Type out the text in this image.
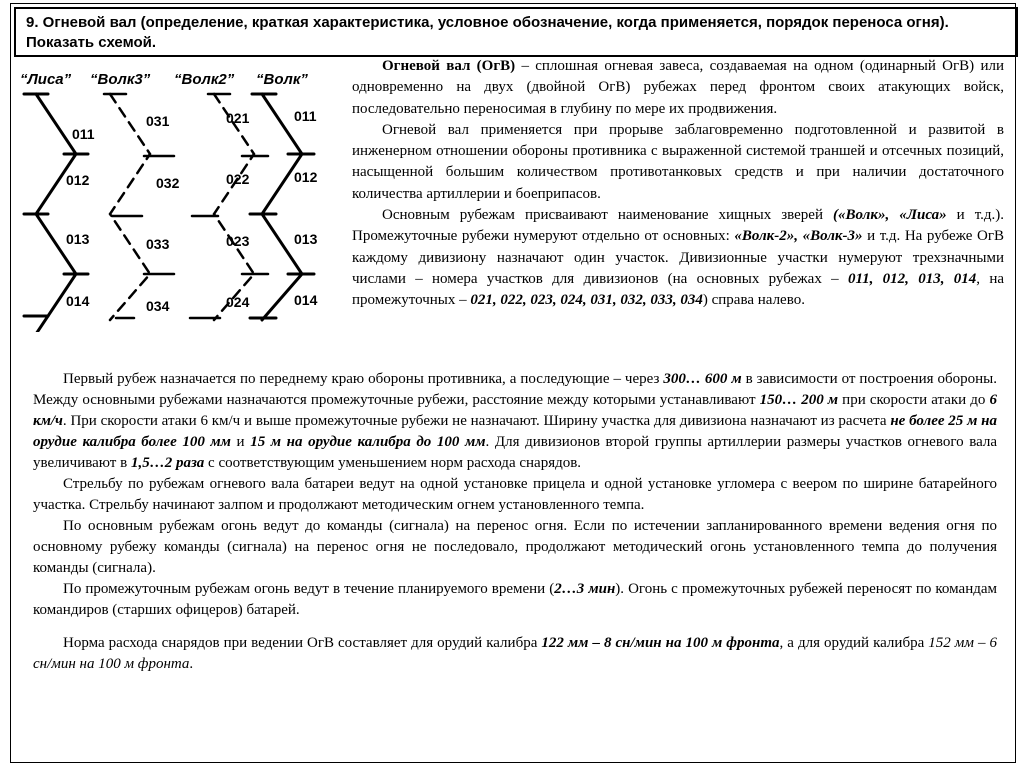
9. Огневой вал (определение, краткая характеристика, условное обозначение, когда применяется, порядок переноса огня). Показать схемой.
“Лиса” “Волк3” “Волк2” “Волк”
011
012
013
014
031
032
033
034
021
022
023
024
011
012
013
014

Огневой вал (ОгВ) – сплошная огневая завеса, создаваемая на одном (одинарный ОгВ) или одновременно на двух (двойной ОгВ) рубежах перед фронтом своих атакующих войск, последовательно переносимая в глубину по мере их продвижения.

Огневой вал применяется при прорыве заблаговременно подготовленной и развитой в инженерном отношении обороны противника с выраженной системой траншей и отсечных позиций, насыщенной большим количеством противотанковых средств и при наличии достаточного количества артиллерии и боеприпасов.

Основным рубежам присваивают наименование хищных зверей («Волк», «Лиса» и т.д.). Промежуточные рубежи нумеруют отдельно от основных: «Волк-2», «Волк-3» и т.д. На рубеже ОгВ каждому дивизиону назначают один участок. Дивизионные участки нумеруют трехзначными числами – номера участков для дивизионов (на основных рубежах – 011, 012, 013, 014, на промежуточных – 021, 022, 023, 024, 031, 032, 033, 034) справа налево.

Первый рубеж назначается по переднему краю обороны противника, а последующие – через 300… 600 м в зависимости от построения обороны. Между основными рубежами назначаются промежуточные рубежи, расстояние между которыми устанавливают 150… 200 м при скорости атаки до 6 км/ч. При скорости атаки 6 км/ч и выше промежуточные рубежи не назначают. Ширину участка для дивизиона назначают из расчета не более 25 м на орудие калибра более 100 мм и 15 м на орудие калибра до 100 мм. Для дивизионов второй группы артиллерии размеры участков огневого вала увеличивают в 1,5…2 раза с соответствующим уменьшением норм расхода снарядов.

Стрельбу по рубежам огневого вала батареи ведут на одной установке прицела и одной установке угломера с веером по ширине батарейного участка. Стрельбу начинают залпом и продолжают методическим огнем установленного темпа.

По основным рубежам огонь ведут до команды (сигнала) на перенос огня. Если по истечении запланированного времени ведения огня по основному рубежу команды (сигнала) на перенос огня не последовало, продолжают методический огонь установленного темпа до получения команды (сигнала).

По промежуточным рубежам огонь ведут в течение планируемого времени (2…3 мин). Огонь с промежуточных рубежей переносят по командам командиров (старших офицеров) батарей.

Норма расхода снарядов при ведении ОгВ составляет для орудий калибра 122 мм – 8 сн/мин на 100 м фронта, а для орудий калибра 152 мм – 6 сн/мин на 100 м фронта.
